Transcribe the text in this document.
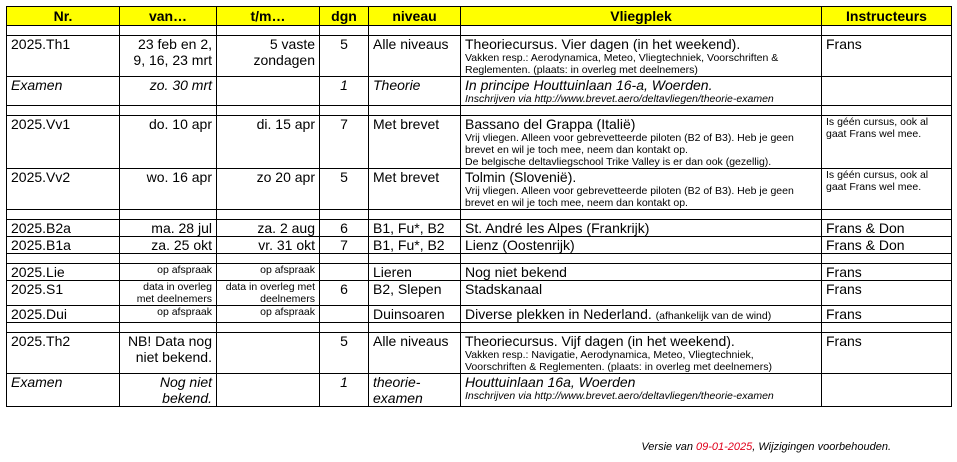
Nr.	van…	t/m…	dgn	niveau	Vliegplek	Instructeurs

2025.Th1	23 feb en 2, 9, 16, 23 mrt	5 vaste zondagen	5	Alle niveaus	Theoriecursus. Vier dagen (in het weekend).
Vakken resp.: Aerodynamica, Meteo, Vliegtechniek, Voorschriften & Reglementen. (plaats: in overleg met deelnemers)	Frans
Examen	zo. 30 mrt		1	Theorie	In principe Houttuinlaan 16-a, Woerden.
Inschrijven via http://www.brevet.aero/deltavliegen/theorie-examen	

2025.Vv1	do. 10 apr	di. 15 apr	7	Met brevet	Bassano del Grappa (Italië)
Vrij vliegen. Alleen voor gebrevetteerde piloten (B2 of B3). Heb je geen brevet en wil je toch mee, neem dan kontakt op.
De belgische deltavliegschool Trike Valley is er dan ook (gezellig).	Is géén cursus, ook al gaat Frans wel mee.
2025.Vv2	wo. 16 apr	zo 20 apr	5	Met brevet	Tolmin (Slovenië).
Vrij vliegen. Alleen voor gebrevetteerde piloten (B2 of B3). Heb je geen brevet en wil je toch mee, neem dan kontakt op.	Is géén cursus, ook al gaat Frans wel mee.

2025.B2a	ma. 28 jul	za. 2 aug	6	B1, Fu*, B2	St. André les Alpes (Frankrijk)	Frans & Don
2025.B1a	za. 25 okt	vr. 31 okt	7	B1, Fu*, B2	Lienz (Oostenrijk)	Frans & Don

2025.Lie	op afspraak	op afspraak		Lieren	Nog niet bekend	Frans
2025.S1	data in overleg met deelnemers	data in overleg met deelnemers	6	B2, Slepen	Stadskanaal	Frans
2025.Dui	op afspraak	op afspraak		Duinsoaren	Diverse plekken in Nederland. (afhankelijk van de wind)	Frans

2025.Th2	NB! Data nog niet bekend.		5	Alle niveaus	Theoriecursus. Vijf dagen (in het weekend).
Vakken resp.: Navigatie, Aerodynamica, Meteo, Vliegtechniek, Voorschriften & Reglementen. (plaats: in overleg met deelnemers)	Frans
Examen	Nog niet bekend.		1	theorie-examen	Houttuinlaan 16a, Woerden
Inschrijven via http://www.brevet.aero/deltavliegen/theorie-examen	

Versie van 09-01-2025, Wijzigingen voorbehouden.
